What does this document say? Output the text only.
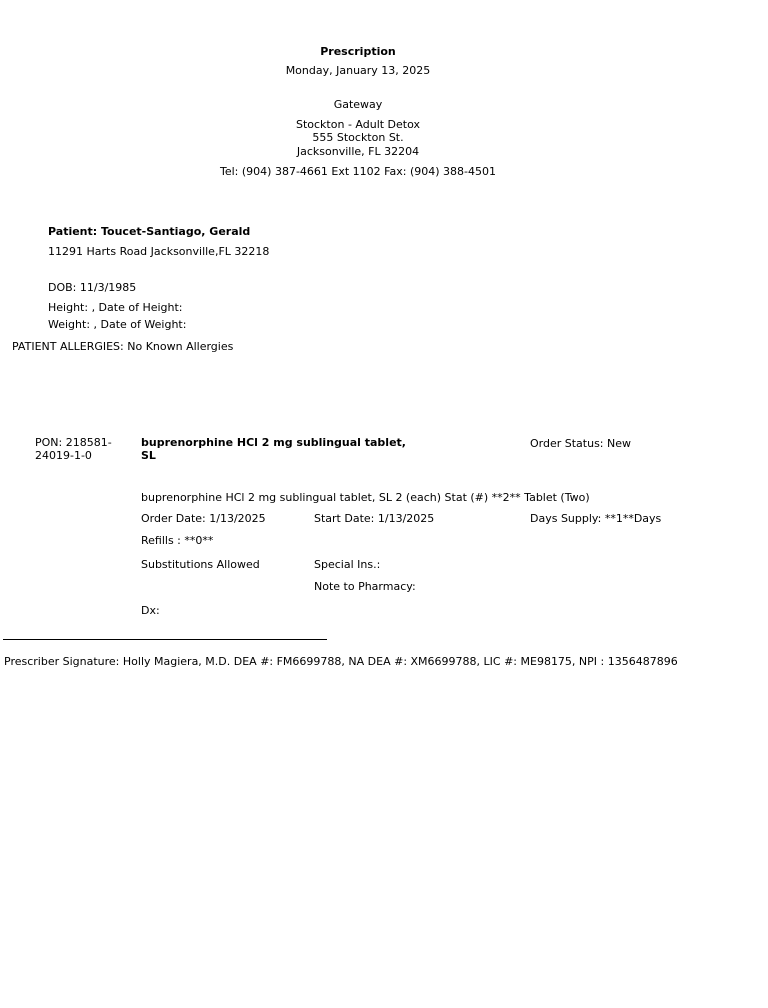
Prescription
Monday, January 13, 2025
Gateway
Stockton - Adult Detox
555 Stockton St.
Jacksonville, FL 32204
Tel: (904) 387-4661 Ext 1102 Fax: (904) 388-4501
Patient: Toucet-Santiago, Gerald
11291 Harts Road Jacksonville,FL 32218
DOB: 11/3/1985
Height: , Date of Height:
Weight: , Date of Weight:
PATIENT ALLERGIES: No Known Allergies
PON: 218581-
24019-1-0
buprenorphine HCl 2 mg sublingual tablet,
SL
Order Status: New
buprenorphine HCl 2 mg sublingual tablet, SL 2 (each) Stat (#) **2** Tablet (Two)
Order Date: 1/13/2025	Start Date: 1/13/2025	Days Supply: **1**Days
Refills : **0**
Substitutions Allowed	Special Ins.:
Note to Pharmacy:
Dx:
Prescriber Signature: Holly Magiera, M.D. DEA #: FM6699788, NA DEA #: XM6699788, LIC #: ME98175, NPI : 1356487896
